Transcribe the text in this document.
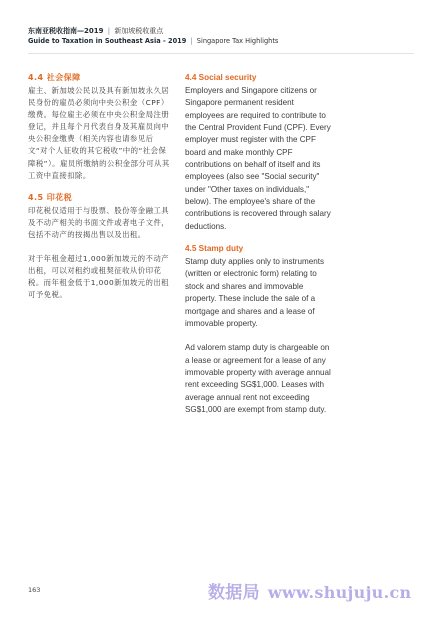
东南亚税收指南—2019 | 新加坡税收重点
Guide to Taxation in Southeast Asia - 2019 | Singapore Tax Highlights
4.4 社会保障

雇主、新加坡公民以及具有新加坡永久居民身份的雇员必须向中央公积金（CPF）缴费。每位雇主必须在中央公积金局注册登记，并且每个月代表自身及其雇员向中央公积金缴费（相关内容也请参见后文“对个人征收的其它税收”中的“社会保障税”）。雇员所缴纳的公积金部分可从其工资中直接扣除。

4.5 印花税

印花税仅适用于与股票、股份等金融工具及不动产相关的书面文件或者电子文件，包括不动产的按揭出售以及出租。

对于年租金超过1,000新加坡元的不动产出租，可以对租约或租契征收从价印花税。而年租金低于1,000新加坡元的出租可予免税。

4.4 Social security

Employers and Singapore citizens or Singapore permanent resident employees are required to contribute to the Central Provident Fund (CPF). Every employer must register with the CPF board and make monthly CPF contributions on behalf of itself and its employees (also see "Social security" under "Other taxes on individuals," below). The employee's share of the contributions is recovered through salary deductions.

4.5 Stamp duty

Stamp duty applies only to instruments (written or electronic form) relating to stock and shares and immovable property. These include the sale of a mortgage and shares and a lease of immovable property.

Ad valorem stamp duty is chargeable on a lease or agreement for a lease of any immovable property with average annual rent exceeding SG$1,000. Leases with average annual rent not exceeding SG$1,000 are exempt from stamp duty.

163	数据局 www.shujuju.cn
